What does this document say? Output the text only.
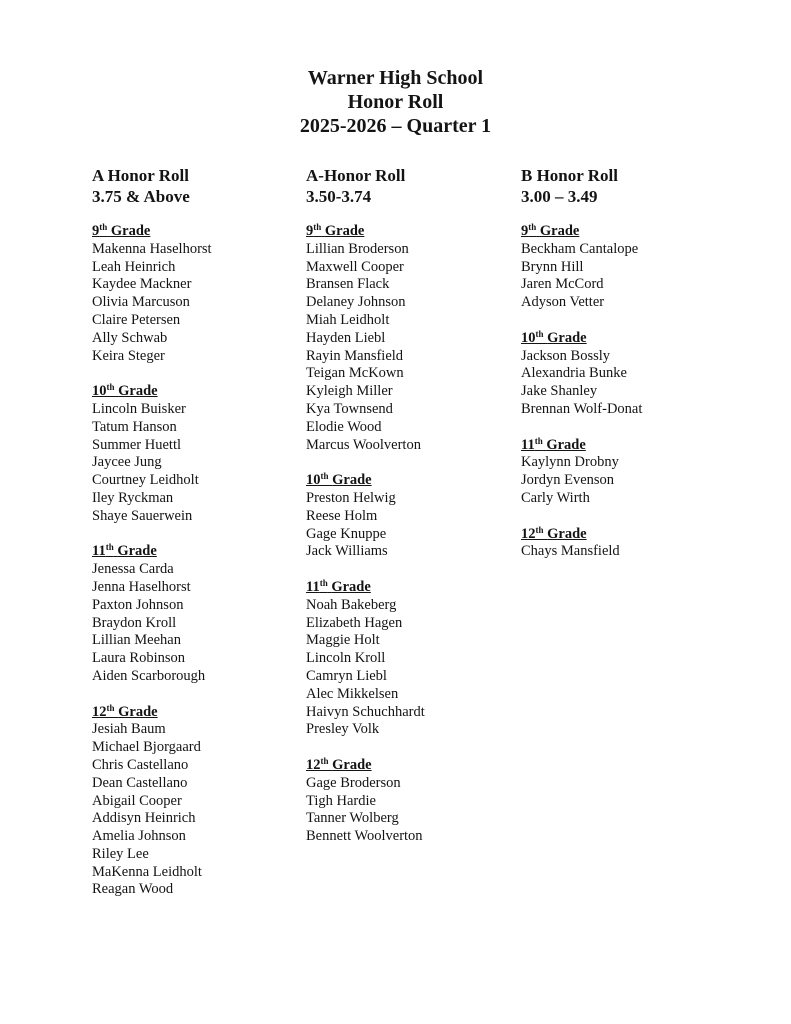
Warner High School
Honor Roll
2025-2026 – Quarter 1
A Honor Roll
3.75 & Above
9th Grade
Makenna Haselhorst
Leah Heinrich
Kaydee Mackner
Olivia Marcuson
Claire Petersen
Ally Schwab
Keira Steger
10th Grade
Lincoln Buisker
Tatum Hanson
Summer Huettl
Jaycee Jung
Courtney Leidholt
Iley Ryckman
Shaye Sauerwein
11th Grade
Jenessa Carda
Jenna Haselhorst
Paxton Johnson
Braydon Kroll
Lillian Meehan
Laura Robinson
Aiden Scarborough
12th Grade
Jesiah Baum
Michael Bjorgaard
Chris Castellano
Dean Castellano
Abigail Cooper
Addisyn Heinrich
Amelia Johnson
Riley Lee
MaKenna Leidholt
Reagan Wood
A-Honor Roll
3.50-3.74
9th Grade
Lillian Broderson
Maxwell Cooper
Bransen Flack
Delaney Johnson
Miah Leidholt
Hayden Liebl
Rayin Mansfield
Teigan McKown
Kyleigh Miller
Kya Townsend
Elodie Wood
Marcus Woolverton
10th Grade
Preston Helwig
Reese Holm
Gage Knuppe
Jack Williams
11th Grade
Noah Bakeberg
Elizabeth Hagen
Maggie Holt
Lincoln Kroll
Camryn Liebl
Alec Mikkelsen
Haivyn Schuchhardt
Presley Volk
12th Grade
Gage Broderson
Tigh Hardie
Tanner Wolberg
Bennett Woolverton
B Honor Roll
3.00 – 3.49
9th Grade
Beckham Cantalope
Brynn Hill
Jaren McCord
Adyson Vetter
10th Grade
Jackson Bossly
Alexandria Bunke
Jake Shanley
Brennan Wolf-Donat
11th Grade
Kaylynn Drobny
Jordyn Evenson
Carly Wirth
12th Grade
Chays Mansfield
